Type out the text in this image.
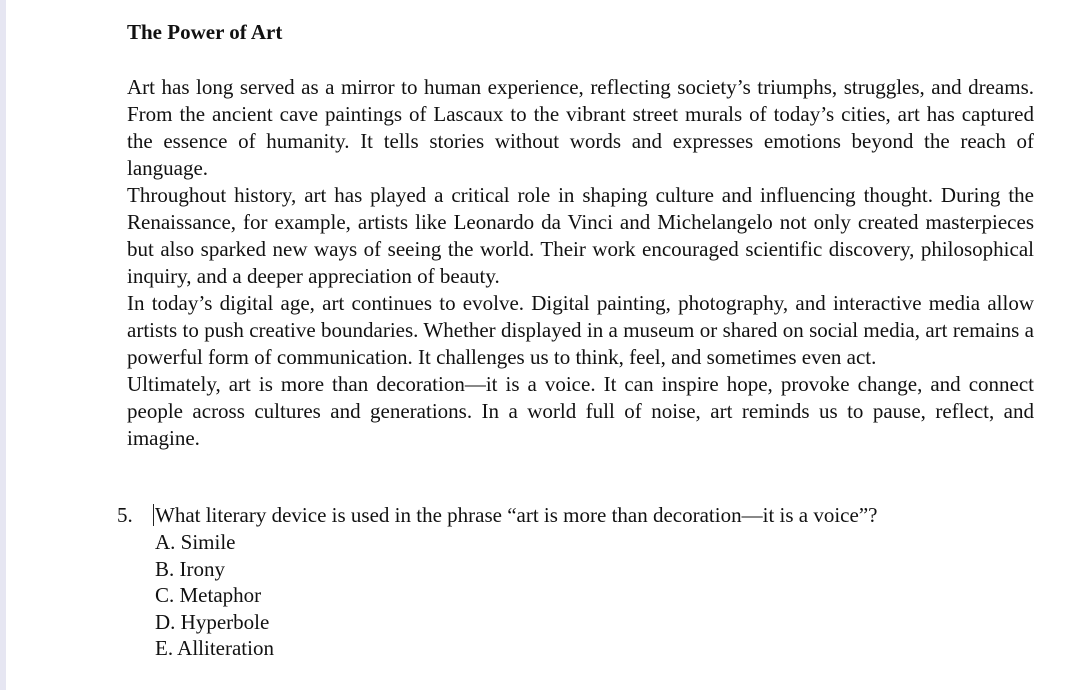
The Power of Art

Art has long served as a mirror to human experience, reflecting society’s triumphs, struggles, and dreams. From the ancient cave paintings of Lascaux to the vibrant street murals of today’s cities, art has captured the essence of humanity. It tells stories without words and expresses emotions beyond the reach of language.

Throughout history, art has played a critical role in shaping culture and influencing thought. During the Renaissance, for example, artists like Leonardo da Vinci and Michelangelo not only created masterpieces but also sparked new ways of seeing the world. Their work encouraged scientific discovery, philosophical inquiry, and a deeper appreciation of beauty.

In today’s digital age, art continues to evolve. Digital painting, photography, and interactive media allow artists to push creative boundaries. Whether displayed in a museum or shared on social media, art remains a powerful form of communication. It challenges us to think, feel, and sometimes even act.

Ultimately, art is more than decoration—it is a voice. It can inspire hope, provoke change, and connect people across cultures and generations. In a world full of noise, art reminds us to pause, reflect, and imagine.

5.	What literary device is used in the phrase “art is more than decoration—it is a voice”?
A. Simile
B. Irony
C. Metaphor
D. Hyperbole
E. Alliteration
